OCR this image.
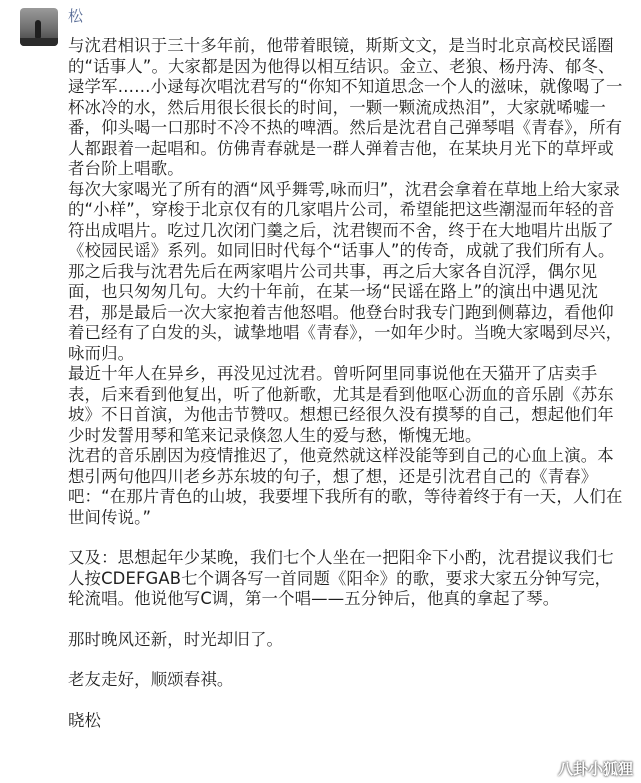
松

与沈君相识于三十多年前，他带着眼镜，斯斯文文，是当时北京高校民谣圈的“话事人”。大家都是因为他得以相互结识。金立、老狼、杨丹涛、郁冬、逯学军……小逯每次唱沈君写的“你知不知道思念一个人的滋味，就像喝了一杯冰冷的水，然后用很长很长的时间，一颗一颗流成热泪”，大家就唏嘘一番，仰头喝一口那时不冷不热的啤酒。然后是沈君自己弹琴唱《青春》，所有人都跟着一起唱和。仿佛青春就是一群人弹着吉他，在某块月光下的草坪或者台阶上唱歌。

每次大家喝光了所有的酒“风乎舞雩,咏而归”，沈君会拿着在草地上给大家录的“小样”，穿梭于北京仅有的几家唱片公司，希望能把这些潮湿而年轻的音符出成唱片。吃过几次闭门羹之后，沈君锲而不舍，终于在大地唱片出版了《校园民谣》系列。如同旧时代每个“话事人”的传奇，成就了我们所有人。

那之后我与沈君先后在两家唱片公司共事，再之后大家各自沉浮，偶尔见面，也只匆匆几句。大约十年前，在某一场“民谣在路上”的演出中遇见沈君，那是最后一次大家抱着吉他怒唱。他登台时我专门跑到侧幕边，看他仰着已经有了白发的头，诚挚地唱《青春》，一如年少时。当晚大家喝到尽兴，咏而归。

最近十年人在异乡，再没见过沈君。曾听阿里同事说他在天猫开了店卖手表，后来看到他复出，听了他新歌，尤其是看到他呕心沥血的音乐剧《苏东坡》不日首演，为他击节赞叹。想想已经很久没有摸琴的自己，想起他们年少时发誓用琴和笔来记录倏忽人生的爱与愁，惭愧无地。

沈君的音乐剧因为疫情推迟了，他竟然就这样没能等到自己的心血上演。本想引两句他四川老乡苏东坡的句子，想了想，还是引沈君自己的《青春》吧：“在那片青色的山坡，我要埋下我所有的歌，等待着终于有一天，人们在世间传说。”

又及：思想起年少某晚，我们七个人坐在一把阳伞下小酌，沈君提议我们七人按CDEFGAB七个调各写一首同题《阳伞》的歌，要求大家五分钟写完，轮流唱。他说他写C调，第一个唱——五分钟后，他真的拿起了琴。

那时晚风还新，时光却旧了。

老友走好，顺颂春祺。

晓松

八卦小狐狸
